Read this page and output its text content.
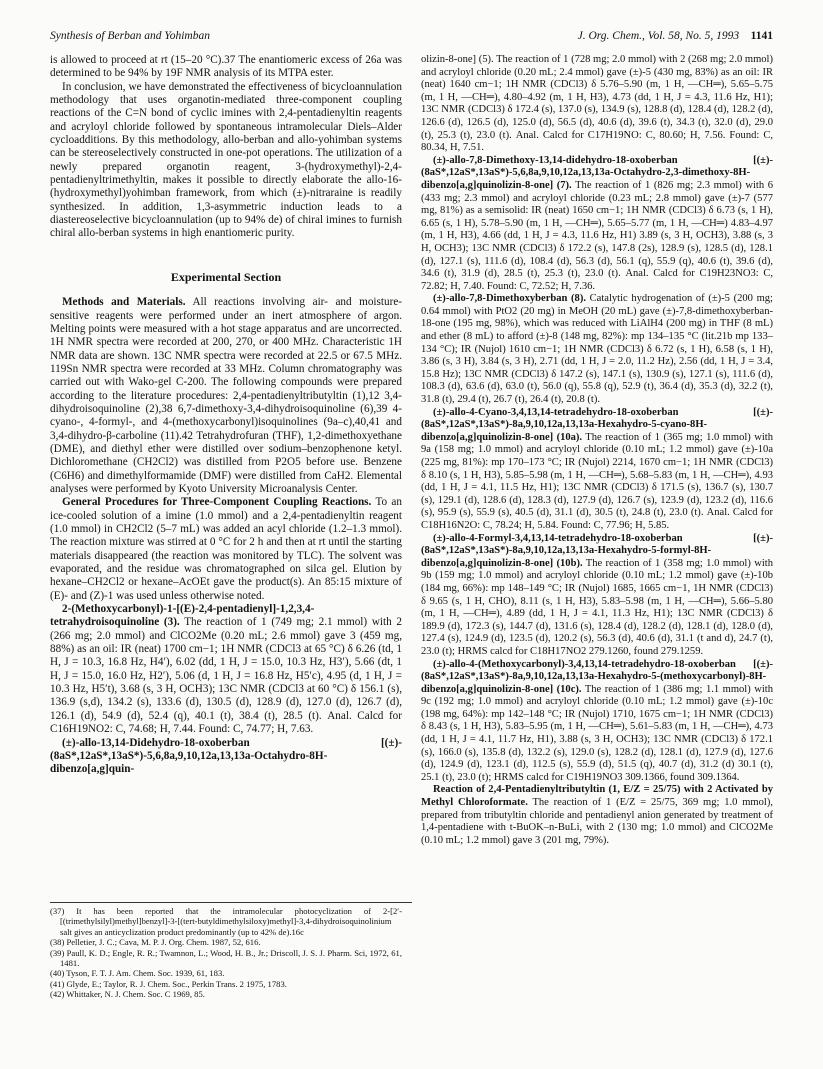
Synthesis of Berban and Yohimban	J. Org. Chem., Vol. 58, No. 5, 1993 1141

is allowed to proceed at rt (15–20 °C).37 The enantiomeric excess of 26a was determined to be 94% by 19F NMR analysis of its MTPA ester.

In conclusion, we have demonstrated the effectiveness of bicycloannulation methodology that uses organotin-mediated three-component coupling reactions of the C=N bond of cyclic imines with 2,4-pentadienyltin reagents and acryloyl chloride followed by spontaneous intramolecular Diels–Alder cycloadditions. By this methodology, allo-berban and allo-yohimban systems can be stereoselectively constructed in one-pot operations. The utilization of a newly prepared organotin reagent, 3-(hydroxymethyl)-2,4-pentadienyltrimethyltin, makes it possible to directly elaborate the allo-16-(hydroxymethyl)yohimban framework, from which (±)-nitraraine is readily synthesized. In addition, 1,3-asymmetric induction leads to a diastereoselective bicycloannulation (up to 94% de) of chiral imines to furnish chiral allo-berban systems in high enantiomeric purity.

Experimental Section

Methods and Materials. All reactions involving air- and moisture-sensitive reagents were performed under an inert atmosphere of argon. Melting points were measured with a hot stage apparatus and are uncorrected. 1H NMR spectra were recorded at 200, 270, or 400 MHz. Characteristic 1H NMR data are shown. 13C NMR spectra were recorded at 22.5 or 67.5 MHz. 119Sn NMR spectra were recorded at 33 MHz. Column chromatography was carried out with Wako-gel C-200. The following compounds were prepared according to the literature procedures: 2,4-pentadienyltributyltin (1),12 3,4-dihydroisoquinoline (2),38 6,7-dimethoxy-3,4-dihydroisoquinoline (6),39 4-cyano-, 4-formyl-, and 4-(methoxycarbonyl)isoquinolines (9a–c),40,41 and 3,4-dihydro-β-carboline (11).42 Tetrahydrofuran (THF), 1,2-dimethoxyethane (DME), and diethyl ether were distilled over sodium–benzophenone ketyl. Dichloromethane (CH2Cl2) was distilled from P2O5 before use. Benzene (C6H6) and dimethylformamide (DMF) were distilled from CaH2. Elemental analyses were performed by Kyoto University Microanalysis Center.

General Procedures for Three-Component Coupling Reactions. To an ice-cooled solution of a imine (1.0 mmol) and a 2,4-pentadienyltin reagent (1.0 mmol) in CH2Cl2 (5–7 mL) was added an acyl chloride (1.2–1.3 mmol). The reaction mixture was stirred at 0 °C for 2 h and then at rt until the starting materials disappeared (the reaction was monitored by TLC). The solvent was evaporated, and the residue was chromatographed on silca gel. Elution by hexane–CH2Cl2 or hexane–AcOEt gave the product(s). An 85:15 mixture of (E)- and (Z)-1 was used unless otherwise noted.

2-(Methoxycarbonyl)-1-[(E)-2,4-pentadienyl]-1,2,3,4-tetrahydroisoquinoline (3). The reaction of 1 (749 mg; 2.1 mmol) with 2 (266 mg; 2.0 mmol) and ClCO2Me (0.20 mL; 2.6 mmol) gave 3 (459 mg, 88%) as an oil: IR (neat) 1700 cm−1; 1H NMR (CDCl3 at 65 °C) δ 6.26 (td, 1 H, J = 10.3, 16.8 Hz, H4′), 6.02 (dd, 1 H, J = 15.0, 10.3 Hz, H3′), 5.66 (dt, 1 H, J = 15.0, 16.0 Hz, H2′), 5.06 (d, 1 H, J = 16.8 Hz, H5′c), 4.95 (d, 1 H, J = 10.3 Hz, H5′t), 3.68 (s, 3 H, OCH3); 13C NMR (CDCl3 at 60 °C) δ 156.1 (s), 136.9 (s,d), 134.2 (s), 133.6 (d), 130.5 (d), 128.9 (d), 127.0 (d), 126.7 (d), 126.1 (d), 54.9 (d), 52.4 (q), 40.1 (t), 38.4 (t), 28.5 (t). Anal. Calcd for C16H19NO2: C, 74.68; H, 7.44. Found: C, 74.77; H, 7.63.

(±)-allo-13,14-Didehydro-18-oxoberban [(±)-(8aS*,12aS*,13aS*)-5,6,8a,9,10,12a,13,13a-Octahydro-8H-dibenzo[a,g]quin-

(37) It has been reported that the intramolecular photocyclization of 2-[2′-[(trimethylsilyl)methyl]benzyl]-3-[(tert-butyldimethylsiloxy)methyl]-3,4-dihydroisoquinolinium salt gives an anticyclization product predominantly (up to 42% de).16c
(38) Pelletier, J. C.; Cava, M. P. J. Org. Chem. 1987, 52, 616.
(39) Paull, K. D.; Engle, R. R.; Twamnon, L.; Wood, H. B., Jr.; Driscoll, J. S. J. Pharm. Sci, 1972, 61, 1481.
(40) Tyson, F. T. J. Am. Chem. Soc. 1939, 61, 183.
(41) Glyde, E.; Taylor, R. J. Chem. Soc., Perkin Trans. 2 1975, 1783.
(42) Whittaker, N. J. Chem. Soc. C 1969, 85.

olizin-8-one] (5). The reaction of 1 (728 mg; 2.0 mmol) with 2 (268 mg; 2.0 mmol) and acryloyl chloride (0.20 mL; 2.4 mmol) gave (±)-5 (430 mg, 83%) as an oil: IR (neat) 1640 cm−1; 1H NMR (CDCl3) δ 5.76–5.90 (m, 1 H, —CH═), 5.65–5.75 (m, 1 H, —CH═), 4.80–4.92 (m, 1 H, H3), 4.73 (dd, 1 H, J = 4.3, 11.6 Hz, H1); 13C NMR (CDCl3) δ 172.4 (s), 137.0 (s), 134.9 (s), 128.8 (d), 128.4 (d), 128.2 (d), 126.6 (d), 126.5 (d), 125.0 (d), 56.5 (d), 40.6 (d), 39.6 (t), 34.3 (t), 32.0 (d), 29.0 (t), 25.3 (t), 23.0 (t). Anal. Calcd for C17H19NO: C, 80.60; H, 7.56. Found: C, 80.34, H, 7.51.

(±)-allo-7,8-Dimethoxy-13,14-didehydro-18-oxoberban [(±)-(8aS*,12aS*,13aS*)-5,6,8a,9,10,12a,13,13a-Octahydro-2,3-dimethoxy-8H-dibenzo[a,g]quinolizin-8-one] (7). The reaction of 1 (826 mg; 2.3 mmol) with 6 (433 mg; 2.3 mmol) and acryloyl chloride (0.23 mL; 2.8 mmol) gave (±)-7 (577 mg, 81%) as a semisolid: IR (neat) 1650 cm−1; 1H NMR (CDCl3) δ 6.73 (s, 1 H), 6.65 (s, 1 H), 5.78–5.90 (m, 1 H, —CH═), 5.65–5.77 (m, 1 H, —CH═) 4.83–4.97 (m, 1 H, H3), 4.66 (dd, 1 H, J = 4.3, 11.6 Hz, H1) 3.89 (s, 3 H, OCH3), 3.88 (s, 3 H, OCH3); 13C NMR (CDCl3) δ 172.2 (s), 147.8 (2s), 128.9 (s), 128.5 (d), 128.1 (d), 127.1 (s), 111.6 (d), 108.4 (d), 56.3 (d), 56.1 (q), 55.9 (q), 40.6 (t), 39.6 (d), 34.6 (t), 31.9 (d), 28.5 (t), 25.3 (t), 23.0 (t). Anal. Calcd for C19H23NO3: C, 72.82; H, 7.40. Found: C, 72.52; H, 7.36.

(±)-allo-7,8-Dimethoxyberban (8). Catalytic hydrogenation of (±)-5 (200 mg; 0.64 mmol) with PtO2 (20 mg) in MeOH (20 mL) gave (±)-7,8-dimethoxyberban-18-one (195 mg, 98%), which was reduced with LiAlH4 (200 mg) in THF (8 mL) and ether (8 mL) to afford (±)-8 (148 mg, 82%): mp 134–135 °C (lit.21b mp 133–134 °C); IR (Nujol) 1610 cm−1; 1H NMR (CDCl3) δ 6.72 (s, 1 H), 6.58 (s, 1 H), 3.86 (s, 3 H), 3.84 (s, 3 H), 2.71 (dd, 1 H, J = 2.0, 11.2 Hz), 2.56 (dd, 1 H, J = 3.4, 15.8 Hz); 13C NMR (CDCl3) δ 147.2 (s), 147.1 (s), 130.9 (s), 127.1 (s), 111.6 (d), 108.3 (d), 63.6 (d), 63.0 (t), 56.0 (q), 55.8 (q), 52.9 (t), 36.4 (d), 35.3 (d), 32.2 (t), 31.8 (t), 29.4 (t), 26.7 (t), 26.4 (t), 20.8 (t).

(±)-allo-4-Cyano-3,4,13,14-tetradehydro-18-oxoberban [(±)-(8aS*,12aS*,13aS*)-8a,9,10,12a,13,13a-Hexahydro-5-cyano-8H-dibenzo[a,g]quinolizin-8-one] (10a). The reaction of 1 (365 mg; 1.0 mmol) with 9a (158 mg; 1.0 mmol) and acryloyl chloride (0.10 mL; 1.2 mmol) gave (±)-10a (225 mg, 81%): mp 170–173 °C; IR (Nujol) 2214, 1670 cm−1; 1H NMR (CDCl3) δ 8.10 (s, 1 H, H3), 5.85–5.98 (m, 1 H, —CH═), 5.68–5.83 (m, 1 H, —CH═), 4.93 (dd, 1 H, J = 4.1, 11.5 Hz, H1); 13C NMR (CDCl3) δ 171.5 (s), 136.7 (s), 130.7 (s), 129.1 (d), 128.6 (d), 128.3 (d), 127.9 (d), 126.7 (s), 123.9 (d), 123.2 (d), 116.6 (s), 95.9 (s), 55.9 (s), 40.5 (d), 31.1 (d), 30.5 (t), 24.8 (t), 23.0 (t). Anal. Calcd for C18H16N2O: C, 78.24; H, 5.84. Found: C, 77.96; H, 5.85.

(±)-allo-4-Formyl-3,4,13,14-tetradehydro-18-oxoberban [(±)-(8aS*,12aS*,13aS*)-8a,9,10,12a,13,13a-Hexahydro-5-formyl-8H-dibenzo[a,g]quinolizin-8-one] (10b). The reaction of 1 (358 mg; 1.0 mmol) with 9b (159 mg; 1.0 mmol) and acryloyl chloride (0.10 mL; 1.2 mmol) gave (±)-10b (184 mg, 66%): mp 148–149 °C; IR (Nujol) 1685, 1665 cm−1, 1H NMR (CDCl3) δ 9.65 (s, 1 H, CHO), 8.11 (s, 1 H, H3), 5.83–5.98 (m, 1 H, —CH═), 5.66–5.80 (m, 1 H, —CH═), 4.89 (dd, 1 H, J = 4.1, 11.3 Hz, H1); 13C NMR (CDCl3) δ 189.9 (d), 172.3 (s), 144.7 (d), 131.6 (s), 128.4 (d), 128.2 (d), 128.1 (d), 128.0 (d), 127.4 (s), 124.9 (d), 123.5 (d), 120.2 (s), 56.3 (d), 40.6 (d), 31.1 (t and d), 24.7 (t), 23.0 (t); HRMS calcd for C18H17NO2 279.1260, found 279.1259.

(±)-allo-4-(Methoxycarbonyl)-3,4,13,14-tetradehydro-18-oxoberban [(±)-(8aS*,12aS*,13aS*)-8a,9,10,12a,13,13a-Hexahydro-5-(methoxycarbonyl)-8H-dibenzo[a,g]quinolizin-8-one] (10c). The reaction of 1 (386 mg; 1.1 mmol) with 9c (192 mg; 1.0 mmol) and acryloyl chloride (0.10 mL; 1.2 mmol) gave (±)-10c (198 mg, 64%): mp 142–148 °C; IR (Nujol) 1710, 1675 cm−1; 1H NMR (CDCl3) δ 8.43 (s, 1 H, H3), 5.83–5.95 (m, 1 H, —CH═), 5.61–5.83 (m, 1 H, —CH═), 4.73 (dd, 1 H, J = 4.1, 11.7 Hz, H1), 3.88 (s, 3 H, OCH3); 13C NMR (CDCl3) δ 172.1 (s), 166.0 (s), 135.8 (d), 132.2 (s), 129.0 (s), 128.2 (d), 128.1 (d), 127.9 (d), 127.6 (d), 124.9 (d), 123.1 (d), 112.5 (s), 55.9 (d), 51.5 (q), 40.7 (d), 31.2 (d) 30.1 (t), 25.1 (t), 23.0 (t); HRMS calcd for C19H19NO3 309.1366, found 309.1364.

Reaction of 2,4-Pentadienyltributyltin (1, E/Z = 25/75) with 2 Activated by Methyl Chloroformate. The reaction of 1 (E/Z = 25/75, 369 mg; 1.0 mmol), prepared from tributyltin chloride and pentadienyl anion generated by treatment of 1,4-pentadiene with t-BuOK–n-BuLi, with 2 (130 mg; 1.0 mmol) and ClCO2Me (0.10 mL; 1.2 mmol) gave 3 (201 mg, 79%).
